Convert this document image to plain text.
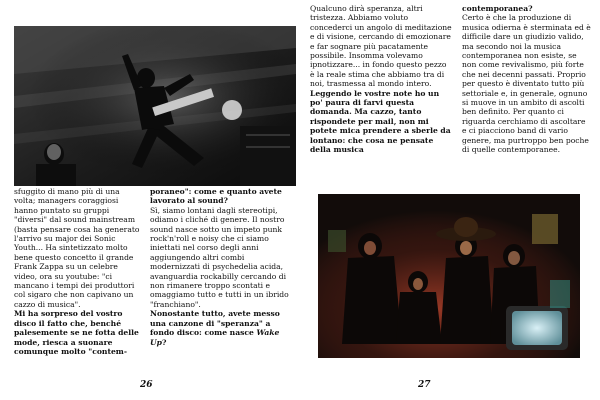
sfuggito di mano più di una volta; managers coraggiosi hanno puntato su gruppi "diversi" dal sound mainstream (basta pensare cosa ha generato l'arrivo su major dei Sonic Youth... Ha sintetizzato molto bene questo concetto il grande Frank Zappa su un celebre video, ora su youtube: "ci mancano i tempi dei produttori col sigaro che non capivano un cazzo di musica".

Mi ha sorpreso del vostro disco il fatto che, benché palesemente se ne fotta delle mode, riesca a suonare comunque molto "contem-

poraneo": come e quanto avete lavorato al sound?

Sì, siamo lontani dagli stereotipi, odiamo i cliché di genere. Il nostro sound nasce sotto un impeto punk rock'n'roll e noisy che ci siamo iniettati nel corso degli anni aggiungendo altri combi modernizzati di psychedelia acida, avanguardia rockabilly cercando di non rimanere troppo scontati e omaggiamo tutto e tutti in un ibrido "franchiano".

Nonostante tutto, avete messo una canzone di "speranza" a fondo disco: come nasce Wake Up?

26

Qualcuno dirà speranza, altri tristezza. Abbiamo voluto concederci un angolo di meditazione e di visione, cercando di emozionare e far sognare più pacatamente possibile. Insomma volevamo ipnotizzare... in fondo questo pezzo è la reale stima che abbiamo tra di noi, trasmessa al mondo intero.

Leggendo le vostre note ho un po' paura di farvi questa domanda. Ma cazzo, tanto rispondete per mail, non mi potete mica prendere a sberle da lontano: che cosa ne pensate della musica

contemporanea?

Certo è che la produzione di musica odierna è sterminata ed è difficile dare un giudizio valido, ma secondo noi la musica contemporanea non esiste, se non come revivalismo, più forte che nei decenni passati. Proprio per questo è diventato tutto più settoriale e, in generale, ognuno si muove in un ambito di ascolti ben definito. Per quanto ci riguarda cerchiamo di ascoltare e ci piacciono band di vario genere, ma purtroppo ben poche di quelle contemporanee.

27
